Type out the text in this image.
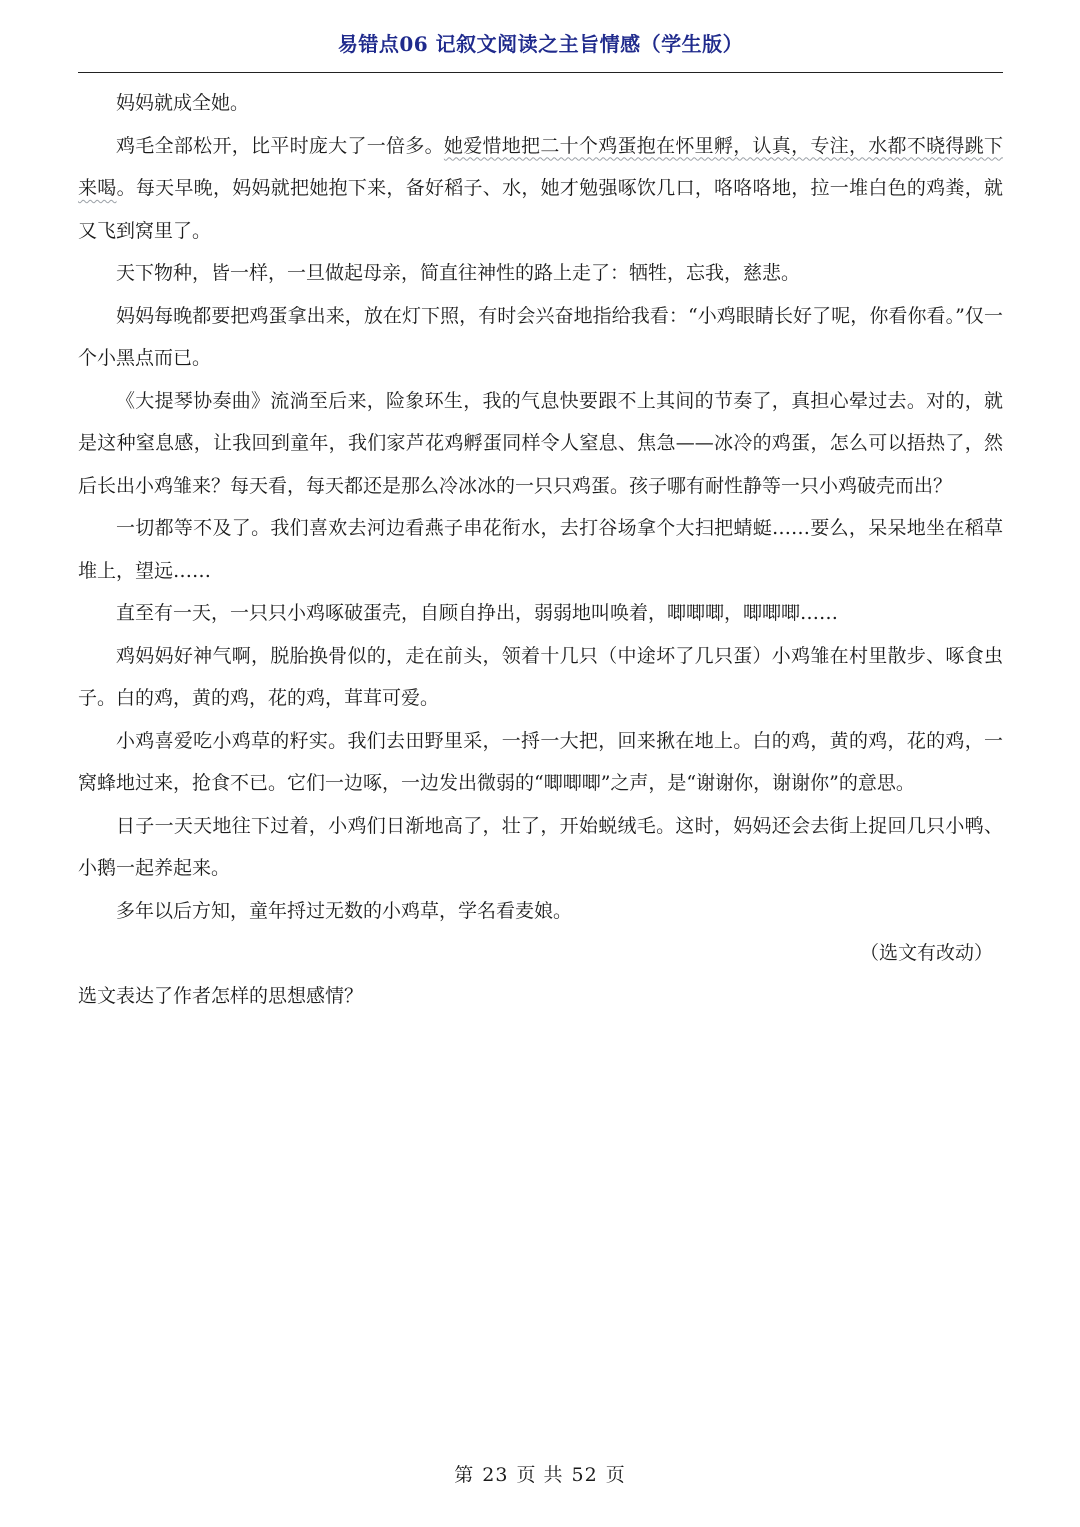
易错点06 记叙文阅读之主旨情感（学生版）

妈妈就成全她。

鸡毛全部松开，比平时庞大了一倍多。她爱惜地把二十个鸡蛋抱在怀里孵，认真，专注，水都不晓得跳下来喝。每天早晚，妈妈就把她抱下来，备好稻子、水，她才勉强啄饮几口，咯咯咯地，拉一堆白色的鸡粪，就又飞到窝里了。

天下物种，皆一样，一旦做起母亲，简直往神性的路上走了：牺牲，忘我，慈悲。

妈妈每晚都要把鸡蛋拿出来，放在灯下照，有时会兴奋地指给我看：“小鸡眼睛长好了呢，你看你看。”仅一个小黑点而已。

《大提琴协奏曲》流淌至后来，险象环生，我的气息快要跟不上其间的节奏了，真担心晕过去。对的，就是这种窒息感，让我回到童年，我们家芦花鸡孵蛋同样令人窒息、焦急——冰冷的鸡蛋，怎么可以捂热了，然后长出小鸡雏来？每天看，每天都还是那么冷冰冰的一只只鸡蛋。孩子哪有耐性静等一只小鸡破壳而出？

一切都等不及了。我们喜欢去河边看燕子串花衔水，去打谷场拿个大扫把蜻蜓……要么，呆呆地坐在稻草堆上，望远……

直至有一天，一只只小鸡啄破蛋壳，自顾自挣出，弱弱地叫唤着，唧唧唧，唧唧唧……

鸡妈妈好神气啊，脱胎换骨似的，走在前头，领着十几只（中途坏了几只蛋）小鸡雏在村里散步、啄食虫子。白的鸡，黄的鸡，花的鸡，茸茸可爱。

小鸡喜爱吃小鸡草的籽实。我们去田野里采，一捋一大把，回来揪在地上。白的鸡，黄的鸡，花的鸡，一窝蜂地过来，抢食不已。它们一边啄，一边发出微弱的“唧唧唧”之声，是“谢谢你，谢谢你”的意思。

日子一天天地往下过着，小鸡们日渐地高了，壮了，开始蜕绒毛。这时，妈妈还会去街上捉回几只小鸭、小鹅一起养起来。

多年以后方知，童年捋过无数的小鸡草，学名看麦娘。

（选文有改动）

选文表达了作者怎样的思想感情？

第 23 页 共 52 页
